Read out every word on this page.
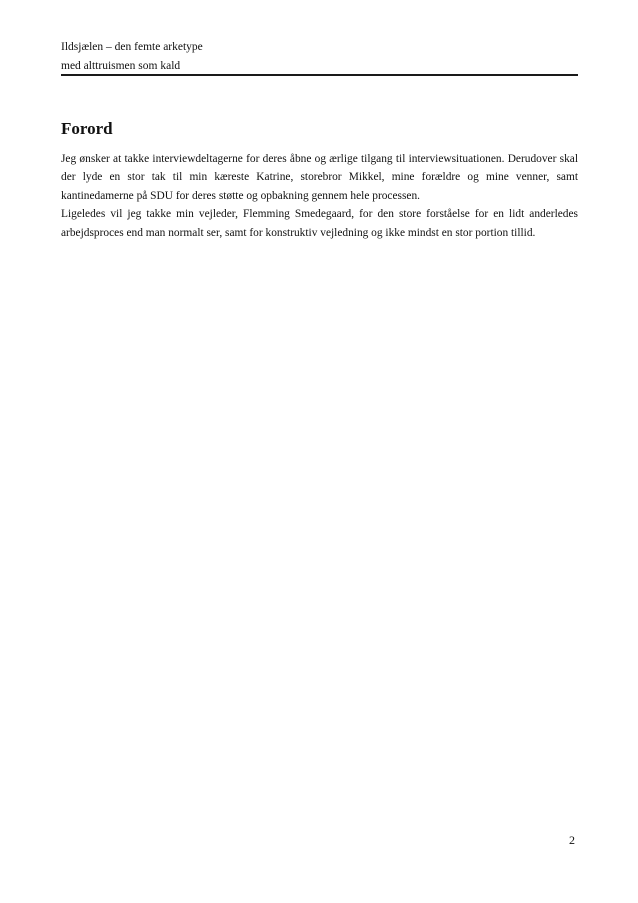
Ildsjælen – den femte arketype
med alttruismen som kald
Forord

Jeg ønsker at takke interviewdeltagerne for deres åbne og ærlige tilgang til interviewsituationen. Derudover skal der lyde en stor tak til min kæreste Katrine, storebror Mikkel, mine forældre og mine venner, samt kantinedamerne på SDU for deres støtte og opbakning gennem hele processen.

Ligeledes vil jeg takke min vejleder, Flemming Smedegaard, for den store forståelse for en lidt anderledes arbejdsproces end man normalt ser, samt for konstruktiv vejledning og ikke mindst en stor portion tillid.

2
